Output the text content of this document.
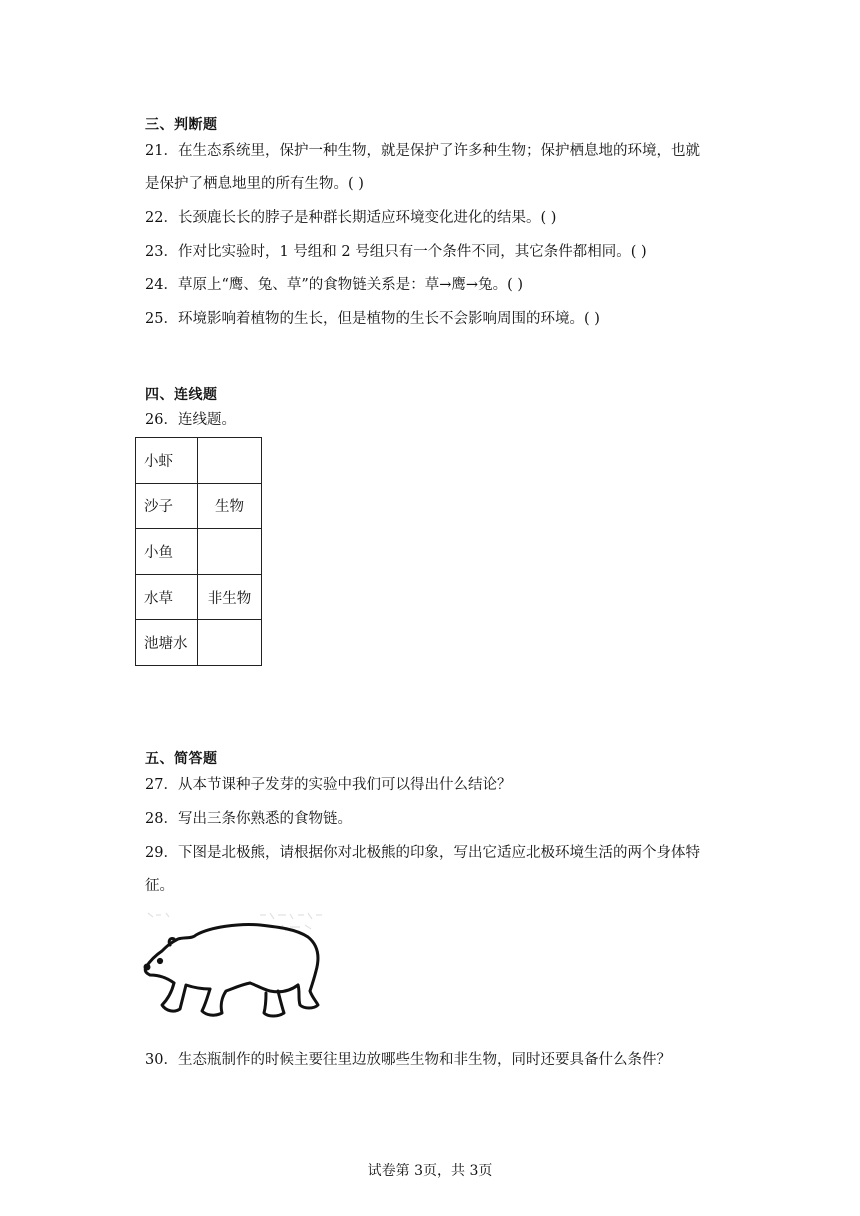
三、判断题
21．在生态系统里，保护一种生物，就是保护了许多种生物；保护栖息地的环境，也就
是保护了栖息地里的所有生物。( )
22．长颈鹿长长的脖子是种群长期适应环境变化进化的结果。( )
23．作对比实验时，1 号组和 2 号组只有一个条件不同，其它条件都相同。( )
24．草原上“鹰、兔、草”的食物链关系是：草→鹰→兔。( )
25．环境影响着植物的生长，但是植物的生长不会影响周围的环境。( )
四、连线题
26．连线题。
小虾	
沙子	生物
小鱼	
水草	非生物
池塘水	
五、简答题
27．从本节课种子发芽的实验中我们可以得出什么结论？
28．写出三条你熟悉的食物链。
29．下图是北极熊，请根据你对北极熊的印象，写出它适应北极环境生活的两个身体特
征。
30．生态瓶制作的时候主要往里边放哪些生物和非生物，同时还要具备什么条件？
试卷第 3页，共 3页
